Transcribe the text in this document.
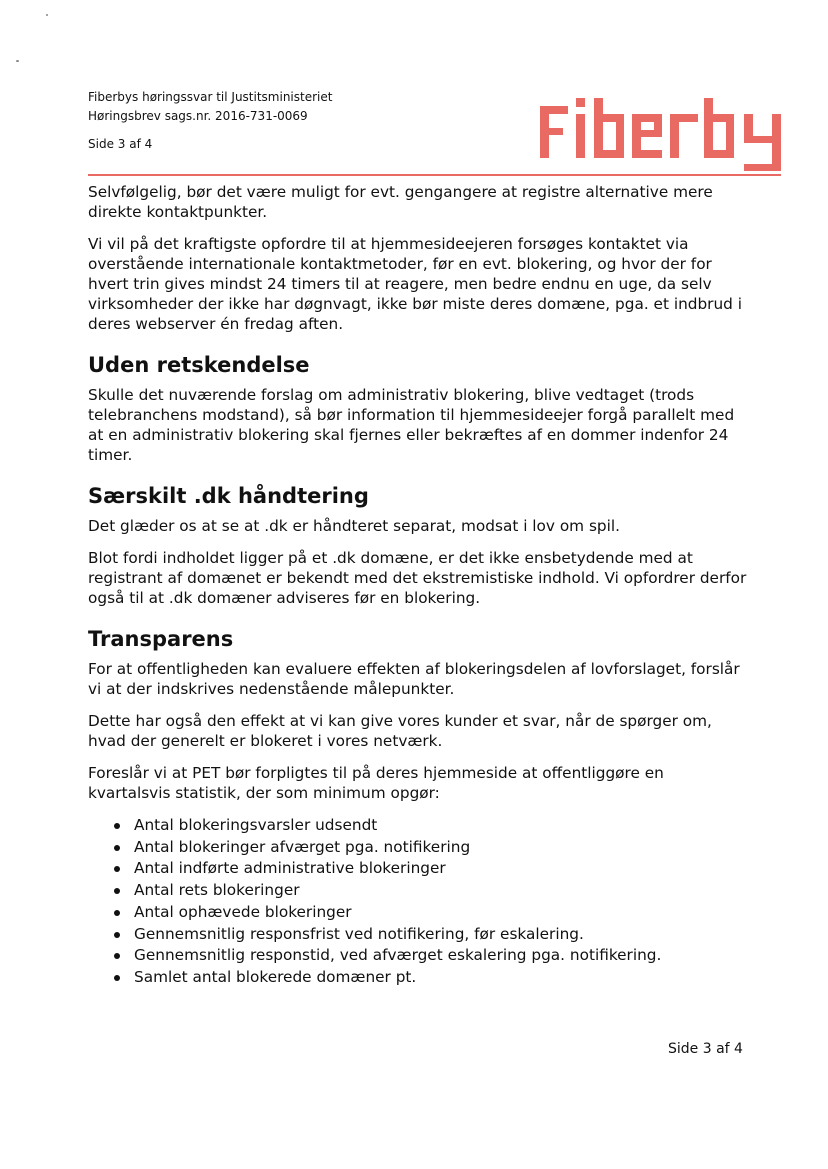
Fiberbys høringssvar til Justitsministeriet
Høringsbrev sags.nr. 2016-731-0069
Side 3 af 4

Selvfølgelig, bør det være muligt for evt. gengangere at registre alternative mere direkte kontaktpunkter.

Vi vil på det kraftigste opfordre til at hjemmesideejeren forsøges kontaktet via overstående internationale kontaktmetoder, før en evt. blokering, og hvor der for hvert trin gives mindst 24 timers til at reagere, men bedre endnu en uge, da selv virksomheder der ikke har døgnvagt, ikke bør miste deres domæne, pga. et indbrud i deres webserver én fredag aften.

Uden retskendelse

Skulle det nuværende forslag om administrativ blokering, blive vedtaget (trods telebranchens modstand), så bør information til hjemmesideejer forgå parallelt med at en administrativ blokering skal fjernes eller bekræftes af en dommer indenfor 24 timer.

Særskilt .dk håndtering

Det glæder os at se at .dk er håndteret separat, modsat i lov om spil.

Blot fordi indholdet ligger på et .dk domæne, er det ikke ensbetydende med at registrant af domænet er bekendt med det ekstremistiske indhold. Vi opfordrer derfor også til at .dk domæner adviseres før en blokering.

Transparens

For at offentligheden kan evaluere effekten af blokeringsdelen af lovforslaget, forslår vi at der indskrives nedenstående målepunkter.

Dette har også den effekt at vi kan give vores kunder et svar, når de spørger om, hvad der generelt er blokeret i vores netværk.

Foreslår vi at PET bør forpligtes til på deres hjemmeside at offentliggøre en kvartalsvis statistik, der som minimum opgør:

Antal blokeringsvarsler udsendt
Antal blokeringer afværget pga. notifikering
Antal indførte administrative blokeringer
Antal rets blokeringer
Antal ophævede blokeringer
Gennemsnitlig responsfrist ved notifikering, før eskalering.
Gennemsnitlig responstid, ved afværget eskalering pga. notifikering.
Samlet antal blokerede domæner pt.
Side 3 af 4
